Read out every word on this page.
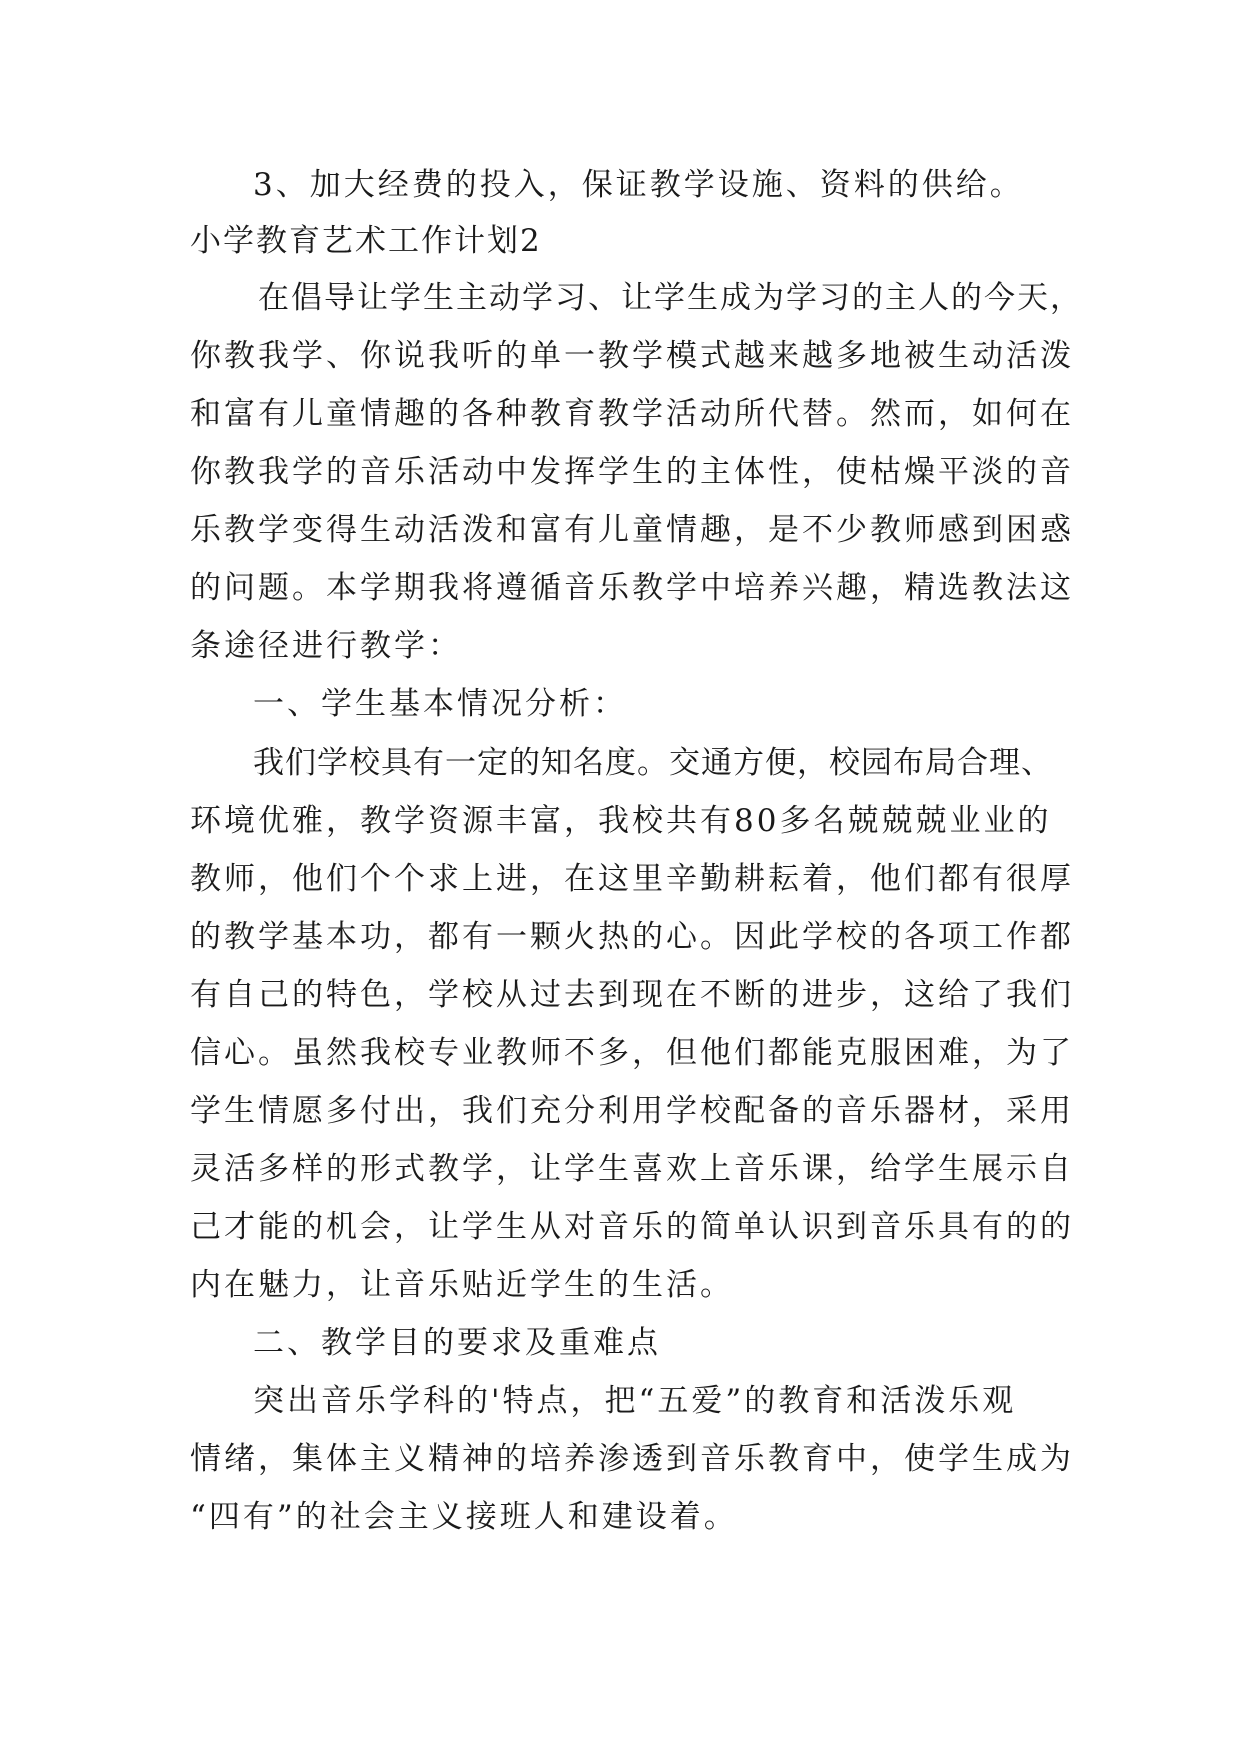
3、加大经费的投入，保证教学设施、资料的供给。
小学教育艺术工作计划2
在倡导让学生主动学习、让学生成为学习的主人的今天，
你教我学、你说我听的单一教学模式越来越多地被生动活泼
和富有儿童情趣的各种教育教学活动所代替。然而，如何在
你教我学的音乐活动中发挥学生的主体性，使枯燥平淡的音
乐教学变得生动活泼和富有儿童情趣，是不少教师感到困惑
的问题。本学期我将遵循音乐教学中培养兴趣，精选教法这
条途径进行教学：
一、学生基本情况分析：
我们学校具有一定的知名度。交通方便，校园布局合理、
环境优雅，教学资源丰富，我校共有80多名兢兢兢业业的
教师，他们个个求上进，在这里辛勤耕耘着，他们都有很厚
的教学基本功，都有一颗火热的心。因此学校的各项工作都
有自己的特色，学校从过去到现在不断的进步，这给了我们
信心。虽然我校专业教师不多，但他们都能克服困难，为了
学生情愿多付出，我们充分利用学校配备的音乐器材，采用
灵活多样的形式教学，让学生喜欢上音乐课，给学生展示自
己才能的机会，让学生从对音乐的简单认识到音乐具有的的
内在魅力，让音乐贴近学生的生活。
二、教学目的要求及重难点
突出音乐学科的'特点，把“五爱”的教育和活泼乐观
情绪，集体主义精神的培养渗透到音乐教育中，使学生成为
“四有”的社会主义接班人和建设着。
